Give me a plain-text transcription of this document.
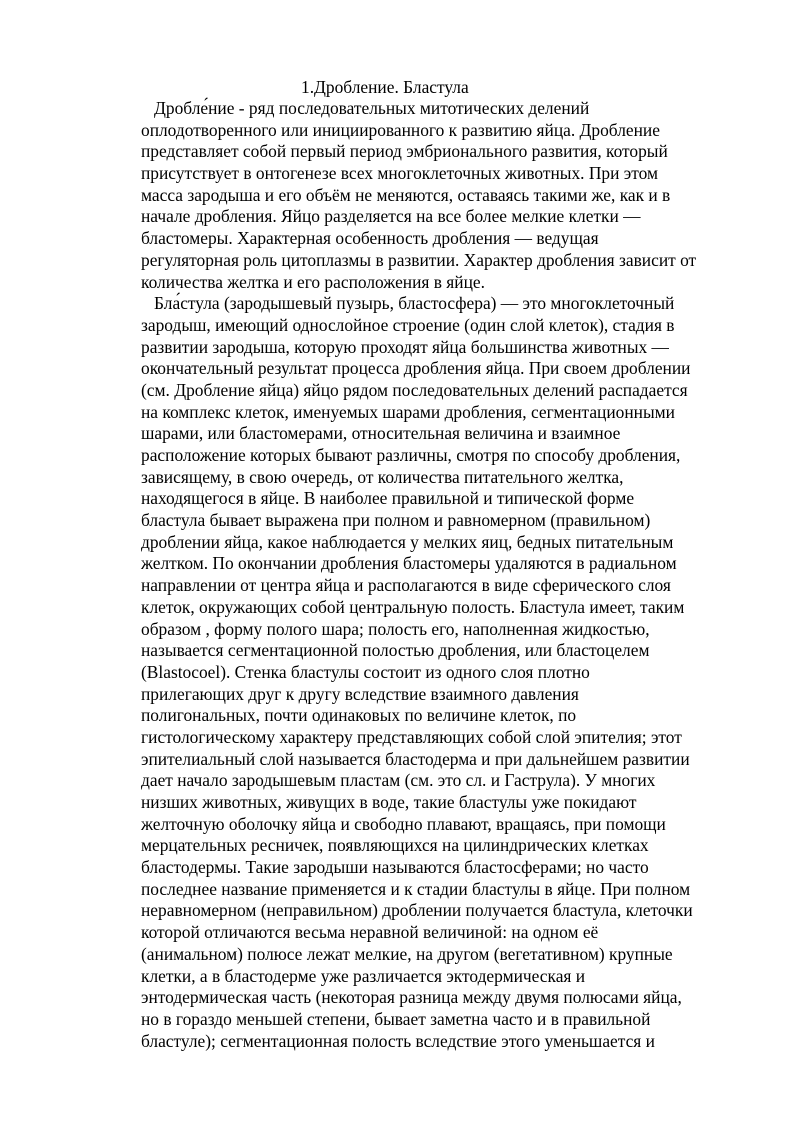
1.Дробление. Бластула
Дробле́ние - ряд последовательных митотических делений
оплодотворенного или инициированного к развитию яйца. Дробление
представляет собой первый период эмбрионального развития, который
присутствует в онтогенезе всех многоклеточных животных. При этом
масса зародыша и его объём не меняются, оставаясь такими же, как и в
начале дробления. Яйцо разделяется на все более мелкие клетки —
бластомеры. Характерная особенность дробления — ведущая
регуляторная роль цитоплазмы в развитии. Характер дробления зависит от
количества желтка и его расположения в яйце.
Бла́стула (зародышевый пузырь, бластосфера) — это многоклеточный
зародыш, имеющий однослойное строение (один слой клеток), стадия в
развитии зародыша, которую проходят яйца большинства животных —
окончательный результат процесса дробления яйца. При своем дроблении
(см. Дробление яйца) яйцо рядом последовательных делений распадается
на комплекс клеток, именуемых шарами дробления, сегментационными
шарами, или бластомерами, относительная величина и взаимное
расположение которых бывают различны, смотря по способу дробления,
зависящему, в свою очередь, от количества питательного желтка,
находящегося в яйце. В наиболее правильной и типической форме
бластула бывает выражена при полном и равномерном (правильном)
дроблении яйца, какое наблюдается у мелких яиц, бедных питательным
желтком. По окончании дробления бластомеры удаляются в радиальном
направлении от центра яйца и располагаются в виде сферического слоя
клеток, окружающих собой центральную полость. Бластула имеет, таким
образом , форму полого шара; полость его, наполненная жидкостью,
называется сегментационной полостью дробления, или бластоцелем
(Blastocoel). Стенка бластулы состоит из одного слоя плотно
прилегающих друг к другу вследствие взаимного давления
полигональных, почти одинаковых по величине клеток, по
гистологическому характеру представляющих собой слой эпителия; этот
эпителиальный слой называется бластодерма и при дальнейшем развитии
дает начало зародышевым пластам (см. это сл. и Гаструла). У многих
низших животных, живущих в воде, такие бластулы уже покидают
желточную оболочку яйца и свободно плавают, вращаясь, при помощи
мерцательных ресничек, появляющихся на цилиндрических клетках
бластодермы. Такие зародыши называются бластосферами; но часто
последнее название применяется и к стадии бластулы в яйце. При полном
неравномерном (неправильном) дроблении получается бластула, клеточки
которой отличаются весьма неравной величиной: на одном её
(анимальном) полюсе лежат мелкие, на другом (вегетативном) крупные
клетки, а в бластодерме уже различается эктодермическая и
энтодермическая часть (некоторая разница между двумя полюсами яйца,
но в гораздо меньшей степени, бывает заметна часто и в правильной
бластуле); сегментационная полость вследствие этого уменьшается и
